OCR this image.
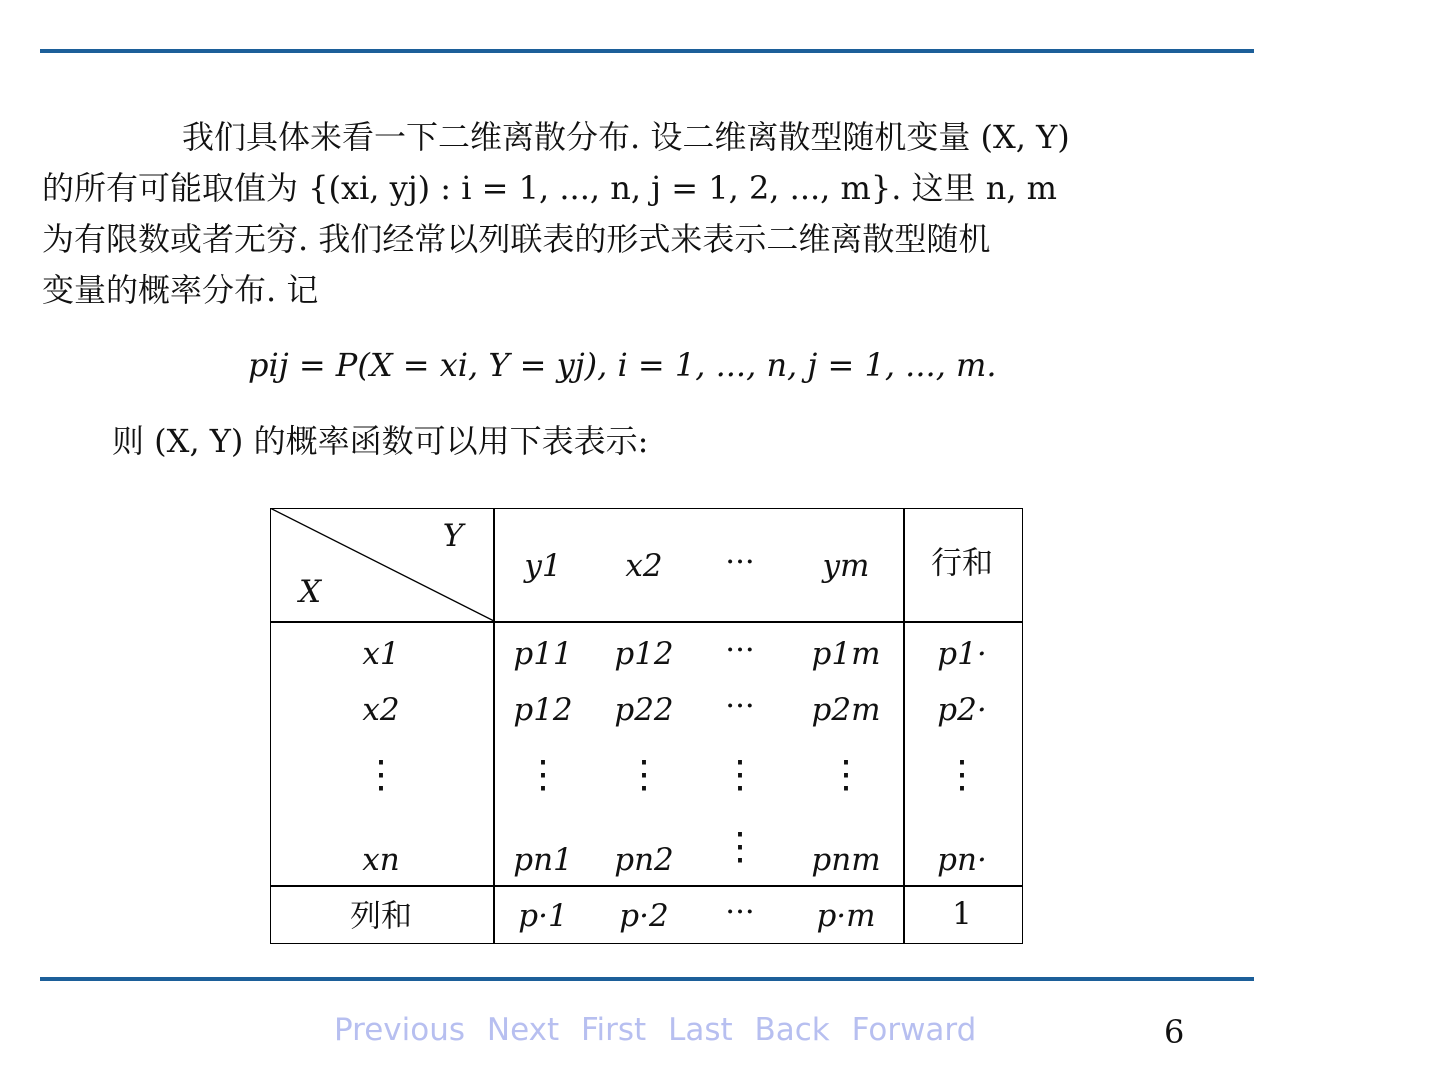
我们具体来看一下二维离散分布. 设二维离散型随机变量 (X, Y)

的所有可能取值为 {(xi, yj) : i = 1, ..., n, j = 1, 2, ..., m}. 这里 n, m

为有限数或者无穷. 我们经常以列联表的形式来表示二维离散型随机

变量的概率分布. 记

pij = P(X = xi, Y = yj), i = 1, ..., n, j = 1, ..., m.
则 (X, Y) 的概率函数可以用下表表示:
Y
X
y1 x2 ··· ym 行和
x1	p11 p12 ··· p1m p1·
x2	p12 p22 ··· p2m p2·
⋮	⋮ ⋮ ⋮ ⋮ ⋮
xn	pn1 pn2 ⋮ pnm pn·
列和	p·1 p·2 ··· p·m 1
Previous Next First Last Back Forward	6
